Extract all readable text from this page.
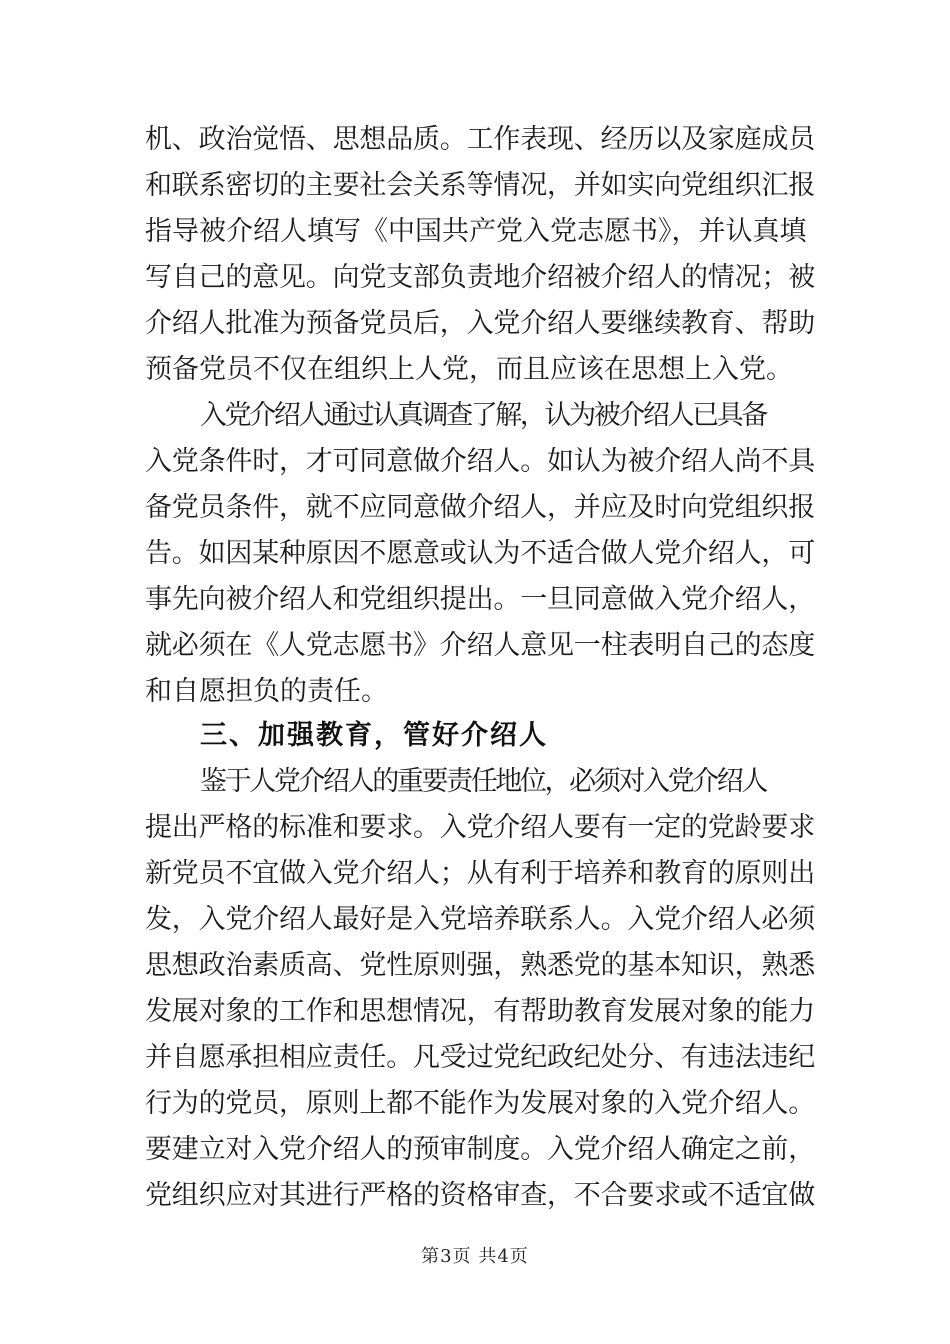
机、政治觉悟、思想品质。工作表现、经历以及家庭成员
和联系密切的主要社会关系等情况，并如实向党组织汇报
指导被介绍人填写《中国共产党入党志愿书》，并认真填
写自己的意见。向党支部负责地介绍被介绍人的情况；被
介绍人批准为预备党员后，入党介绍人要继续教育、帮助
预备党员不仅在组织上人党，而且应该在思想上入党。
入党介绍人通过认真调查了解，认为被介绍人已具备
入党条件时，才可同意做介绍人。如认为被介绍人尚不具
备党员条件，就不应同意做介绍人，并应及时向党组织报
告。如因某种原因不愿意或认为不适合做人党介绍人，可
事先向被介绍人和党组织提出。一旦同意做入党介绍人，
就必须在《人党志愿书》介绍人意见一柱表明自己的态度
和自愿担负的责任。
三、加强教育，管好介绍人
鉴于人党介绍人的重要责任地位，必须对入党介绍人
提出严格的标准和要求。入党介绍人要有一定的党龄要求
新党员不宜做入党介绍人；从有利于培养和教育的原则出
发，入党介绍人最好是入党培养联系人。入党介绍人必须
思想政治素质高、党性原则强，熟悉党的基本知识，熟悉
发展对象的工作和思想情况，有帮助教育发展对象的能力
并自愿承担相应责任。凡受过党纪政纪处分、有违法违纪
行为的党员，原则上都不能作为发展对象的入党介绍人。
要建立对入党介绍人的预审制度。入党介绍人确定之前，
党组织应对其进行严格的资格审查，不合要求或不适宜做
第3页 共4页
